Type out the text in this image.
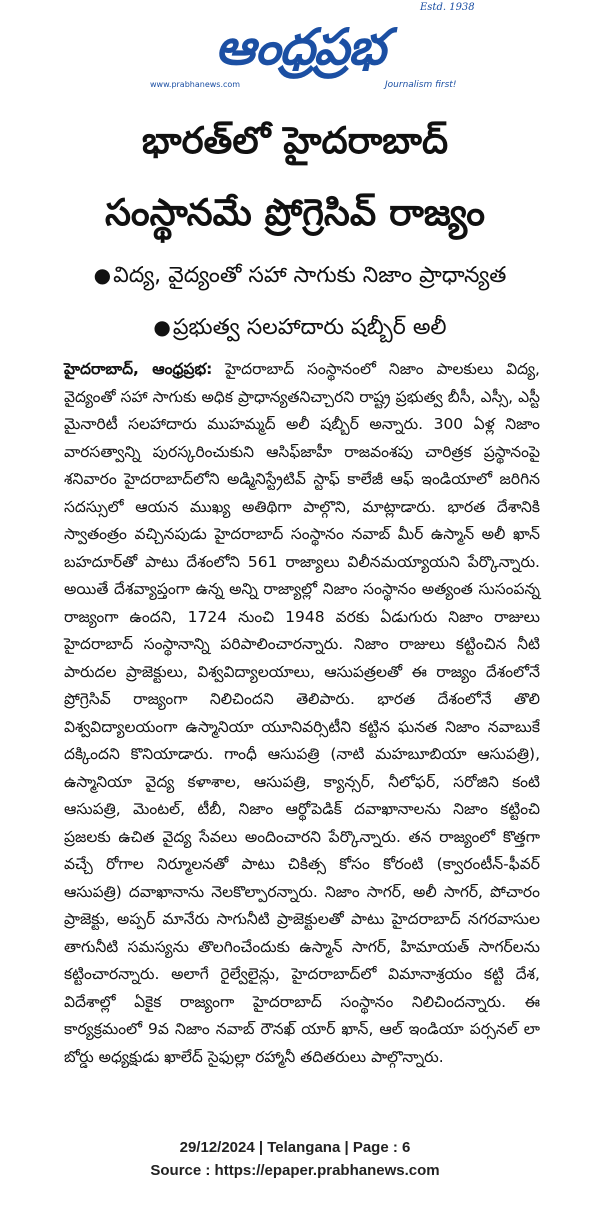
ఆంధ్రప్రభ
Estd. 1938
www.prabhanews.com	Journalism first!
భారత్‌లో హైదరాబాద్
సంస్థానమే ప్రోగ్రెసివ్ రాజ్యం
●విద్య, వైద్యంతో సహా సాగుకు నిజాం ప్రాధాన్యత
●ప్రభుత్వ సలహాదారు షబ్బీర్ అలీ
హైదరాబాద్, ఆంధ్రప్రభ: హైదరాబాద్ సంస్థానంలో నిజాం పాలకులు విద్య, వైద్యంతో సహా సాగుకు అధిక ప్రాధాన్యతనిచ్చారని రాష్ట్ర ప్రభుత్వ బీసీ, ఎస్సీ, ఎస్టీ మైనారిటీ సలహాదారు ముహమ్మద్ అలీ షబ్బీర్ అన్నారు. 300 ఏళ్ల నిజాం వారసత్వాన్ని పురస్కరించుకుని ఆసిఫ్‌జాహీ రాజవంశపు చారిత్రక ప్రస్థానంపై శనివారం హైదరాబాద్‌లోని అడ్మినిస్ట్రేటివ్ స్టాఫ్ కాలేజీ ఆఫ్ ఇండియాలో జరిగిన సదస్సులో ఆయన ముఖ్య అతిథిగా పాల్గొని, మాట్లాడారు. భారత దేశానికి స్వాతంత్రం వచ్చినపుడు హైదరాబాద్ సంస్థానం నవాబ్ మీర్ ఉస్మాన్ అలీ ఖాన్ బహదూర్‌తో పాటు దేశంలోని 561 రాజ్యాలు విలీనమయ్యాయని పేర్కొన్నారు. అయితే దేశవ్యాప్తంగా ఉన్న అన్ని రాజ్యాల్లో నిజాం సంస్థానం అత్యంత సుసంపన్న రాజ్యంగా ఉందని, 1724 నుంచి 1948 వరకు ఏడుగురు నిజాం రాజులు హైదరాబాద్ సంస్థానాన్ని పరిపాలించారన్నారు. నిజాం రాజులు కట్టించిన నీటి పారుదల ప్రాజెక్టులు, విశ్వవిద్యాలయాలు, ఆసుపత్రలతో ఈ రాజ్యం దేశంలోనే ప్రోగ్రెసివ్ రాజ్యంగా నిలిచిందని తెలిపారు. భారత దేశంలోనే తొలి విశ్వవిద్యాలయంగా ఉస్మానియా యూనివర్సిటీని కట్టిన ఘనత నిజాం నవాబుకే దక్కిందని కొనియాడారు. గాంధీ ఆసుపత్రి (నాటి మహబూబియా ఆసుపత్రి), ఉస్మానియా వైద్య కళాశాల, ఆసుపత్రి, క్యాన్సర్, నీలోఫర్, సరోజిని కంటి ఆసుపత్రి, మెంటల్, టీబీ, నిజాం ఆర్థోపెడిక్ దవాఖానాలను నిజాం కట్టించి ప్రజలకు ఉచిత వైద్య సేవలు అందించారని పేర్కొన్నారు. తన రాజ్యంలో కొత్తగా వచ్చే రోగాల నిర్మూలనతో పాటు చికిత్స కోసం కోరంటి (క్వారంటీన్-ఫీవర్ ఆసుపత్రి) దవాఖానాను నెలకొల్పారన్నారు. నిజాం సాగర్, అలీ సాగర్, పోచారం ప్రాజెక్టు, అప్పర్ మానేరు సాగునీటి ప్రాజెక్టులతో పాటు హైదరాబాద్ నగరవాసుల తాగునీటి సమస్యను తొలగించేందుకు ఉస్మాన్ సాగర్, హిమాయత్ సాగర్‌లను కట్టించారన్నారు. అలాగే రైల్వేలైన్లు, హైదరాబాద్‌లో విమానాశ్రయం కట్టి దేశ, విదేశాల్లో ఏకైక రాజ్యంగా హైదరాబాద్ సంస్థానం నిలిచిందన్నారు. ఈ కార్యక్రమంలో 9వ నిజాం నవాబ్ రౌనఖ్ యార్ ఖాన్, ఆల్ ఇండియా పర్సనల్ లా బోర్డు అధ్యక్షుడు ఖాలేద్ సైఫుల్లా రహ్మానీ తదితరులు పాల్గొన్నారు.
29/12/2024 | Telangana | Page : 6
Source : https://epaper.prabhanews.com
